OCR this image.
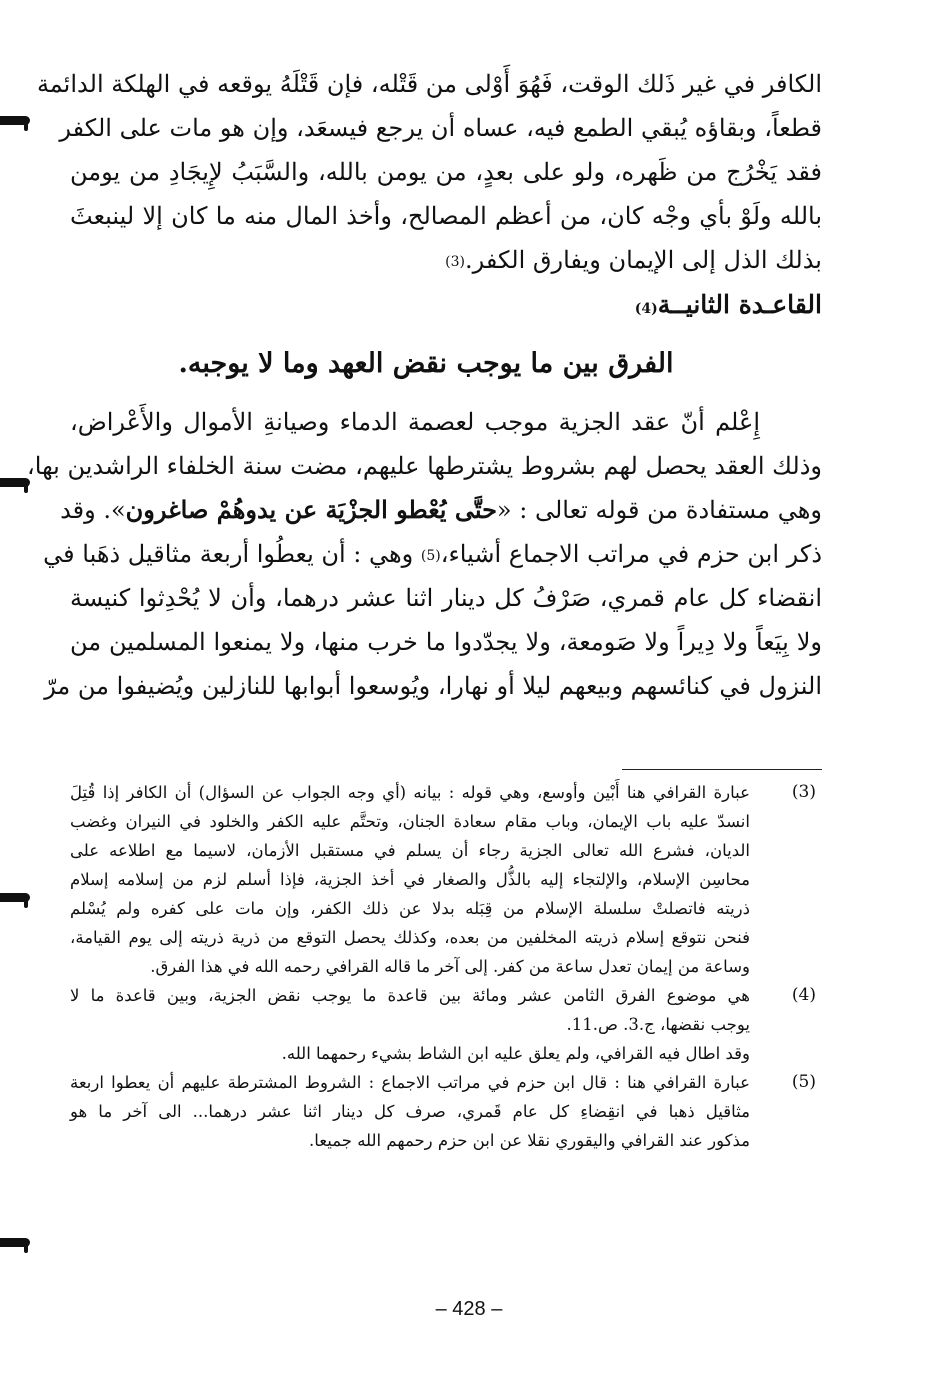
الكافر في غير ذَلك الوقت، فَهُوَ أَوْلى من قَتْله، فإن قَتْلَهُ يوقعه في الهلكة الدائمة
قطعاً، وبقاؤه يُبقي الطمع فيه، عساه أن يرجع فيسعَد، وإن هو مات على الكفر
فقد يَخْرُج من ظَهره، ولو على بعدٍ، من يومن بالله، والسَّبَبُ لإِيجَادِ من يومن
بالله ولَوْ بأي وجْه كان، من أعظم المصالح، وأخذ المال منه ما كان إلا لينبعثَ
بذلك الذل إلى الإيمان ويفارق الكفر.(3)
القاعـدة الثانيــة(4)
الفرق بين ما يوجب نقض العهد وما لا يوجبه.
إِعْلم أنّ عقد الجزية موجب لعصمة الدماء وصيانةِ الأموال والأَعْراض،
وذلك العقد يحصل لهم بشروط يشترطها عليهم، مضت سنة الخلفاء الراشدين بها،
وهي مستفادة من قوله تعالى : «حتَّى يُعْطو الجزْيَة عن يدوهُمْ صاغرون». وقد
ذكر ابن حزم في مراتب الاجماع أشياء،(5) وهي : أن يعطُوا أربعة مثاقيل ذهَبا في
انقضاء كل عام قمري، صَرْفُ كل دينار اثنا عشر درهما، وأن لا يُحْدِثوا كنيسة
ولا بِيَعاً ولا دِيراً ولا صَومعة، ولا يجدّدوا ما خرب منها، ولا يمنعوا المسلمين من
النزول في كنائسهم وبيعهم ليلا أو نهارا، ويُوسعوا أبوابها للنازلين ويُضيفوا من مرّ
(3)
عبارة القرافي هنا أَبْين وأوسع، وهي قوله : بيانه (أي وجه الجواب عن السؤال) أن الكافر إذا قُتِلَ
انسدّ عليه باب الإيمان، وباب مقام سعادة الجنان، وتحتَّم عليه الكفر والخلود في النيران وغضب
الديان، فشرع الله تعالى الجزية رجاء أن يسلم في مستقبل الأزمان، لاسيما مع اطلاعه على
محاسِن الإسلام، والإلتجاء إليه بالذُّل والصغار في أخذ الجزية، فإذا أسلم لزم من إسلامه إسلام
ذريته فاتصلتْ سلسلة الإسلام من قِبَله بدلا عن ذلك الكفر، وإن مات على كفره ولم يُسْلم
فنحن نتوقع إسلام ذريته المخلفين من بعده، وكذلك يحصل التوقع من ذرية ذريته إلى يوم القيامة،
وساعة من إيمان تعدل ساعة من كفر. إلى آخر ما قاله القرافي رحمه الله في هذا الفرق.
(4)
هي موضوع الفرق الثامن عشر ومائة بين قاعدة ما يوجب نقض الجزية، وبين قاعدة ما لا
يوجب نقضها، ج.3. ص.11.
وقد اطال فيه القرافي، ولم يعلق عليه ابن الشاط بشيء رحمهما الله.
(5)
عبارة القرافي هنا : قال ابن حزم في مراتب الاجماع : الشروط المشترطة عليهم أن يعطوا اربعة
مثاقيل ذهبا في انقِضاءِ كل عام قَمري، صرف كل دينار اثنا عشر درهما... الى آخر ما هو
مذكور عند القرافي واليقوري نقلا عن ابن حزم رحمهم الله جميعا.
– 428 –
